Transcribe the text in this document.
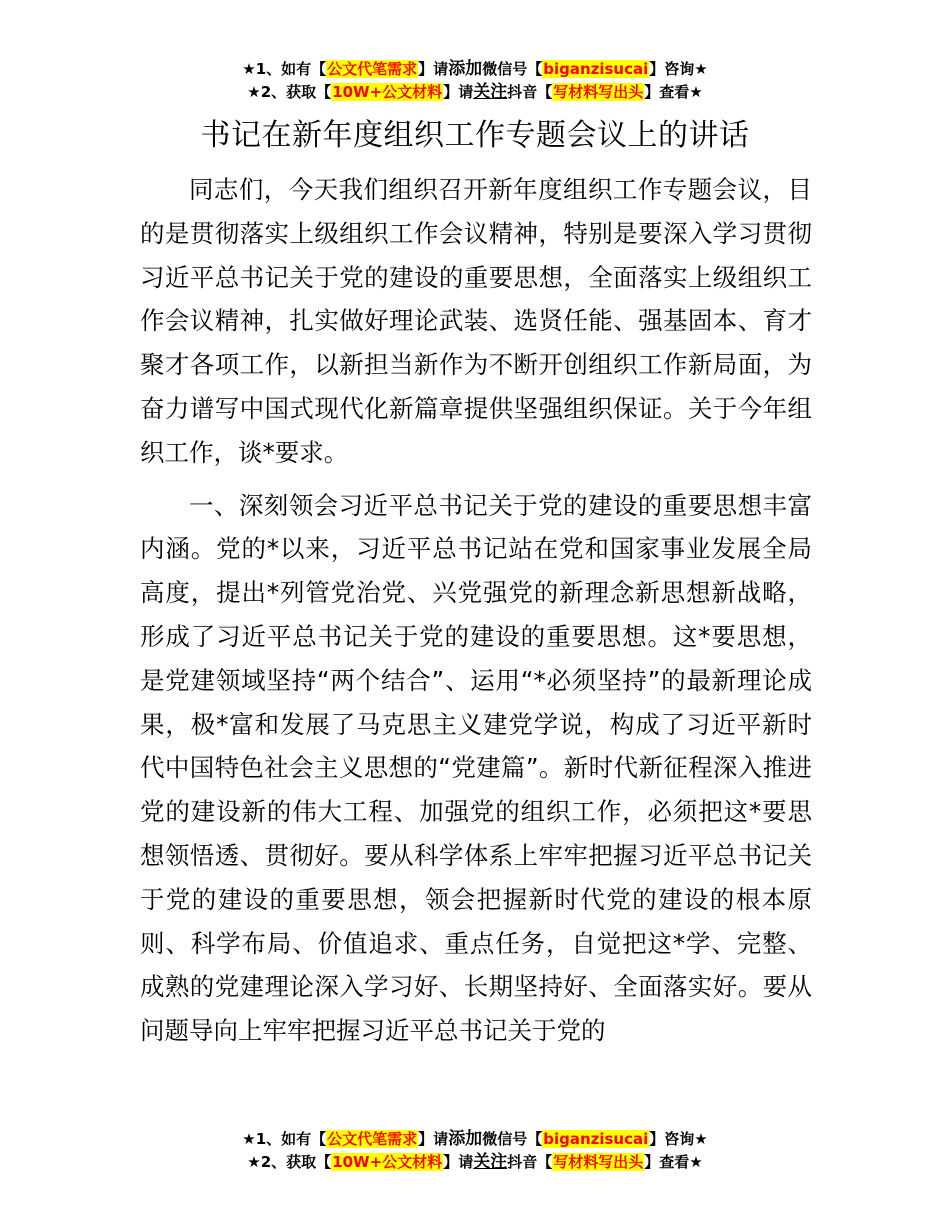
★1、如有【公文代笔需求】请添加微信号【biganzisucai】咨询★
★2、获取【10W+公文材料】请关注抖音【写材料写出头】查看★
书记在新年度组织工作专题会议上的讲话

同志们，今天我们组织召开新年度组织工作专题会议，目的是贯彻落实上级组织工作会议精神，特别是要深入学习贯彻习近平总书记关于党的建设的重要思想，全面落实上级组织工作会议精神，扎实做好理论武装、选贤任能、强基固本、育才聚才各项工作，以新担当新作为不断开创组织工作新局面，为奋力谱写中国式现代化新篇章提供坚强组织保证。关于今年组织工作，谈*要求。

一、深刻领会习近平总书记关于党的建设的重要思想丰富内涵。党的*以来，习近平总书记站在党和国家事业发展全局高度，提出*列管党治党、兴党强党的新理念新思想新战略，形成了习近平总书记关于党的建设的重要思想。这*要思想，是党建领域坚持“两个结合”、运用“*必须坚持”的最新理论成果，极*富和发展了马克思主义建党学说，构成了习近平新时代中国特色社会主义思想的“党建篇”。新时代新征程深入推进党的建设新的伟大工程、加强党的组织工作，必须把这*要思想领悟透、贯彻好。要从科学体系上牢牢把握习近平总书记关于党的建设的重要思想，领会把握新时代党的建设的根本原则、科学布局、价值追求、重点任务，自觉把这*学、完整、成熟的党建理论深入学习好、长期坚持好、全面落实好。要从问题导向上牢牢把握习近平总书记关于党的

★1、如有【公文代笔需求】请添加微信号【biganzisucai】咨询★
★2、获取【10W+公文材料】请关注抖音【写材料写出头】查看★
